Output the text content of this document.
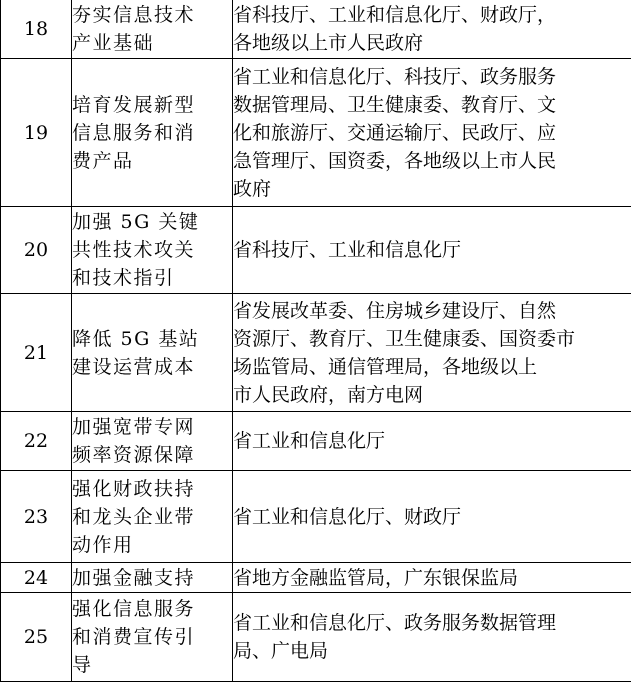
18	夯实信息技术
产业基础	省科技厅、工业和信息化厅、财政厅，
各地级以上市人民政府

19	培育发展新型
信息服务和消
费产品	省工业和信息化厅、科技厅、政务服务
数据管理局、卫生健康委、教育厅、文
化和旅游厅、交通运输厅、民政厅、应
急管理厅、国资委，各地级以上市人民
政府

20	加强 5G 关键
共性技术攻关
和技术指引	省科技厅、工业和信息化厅

21	降低 5G 基站
建设运营成本	省发展改革委、住房城乡建设厅、自然
资源厅、教育厅、卫生健康委、国资委市
场监管局、通信管理局，各地级以上
市人民政府，南方电网

22	加强宽带专网
频率资源保障	省工业和信息化厅

23	强化财政扶持
和龙头企业带
动作用	省工业和信息化厅、财政厅

24	加强金融支持	省地方金融监管局，广东银保监局

25	强化信息服务
和消费宣传引
导	省工业和信息化厅、政务服务数据管理
局、广电局
